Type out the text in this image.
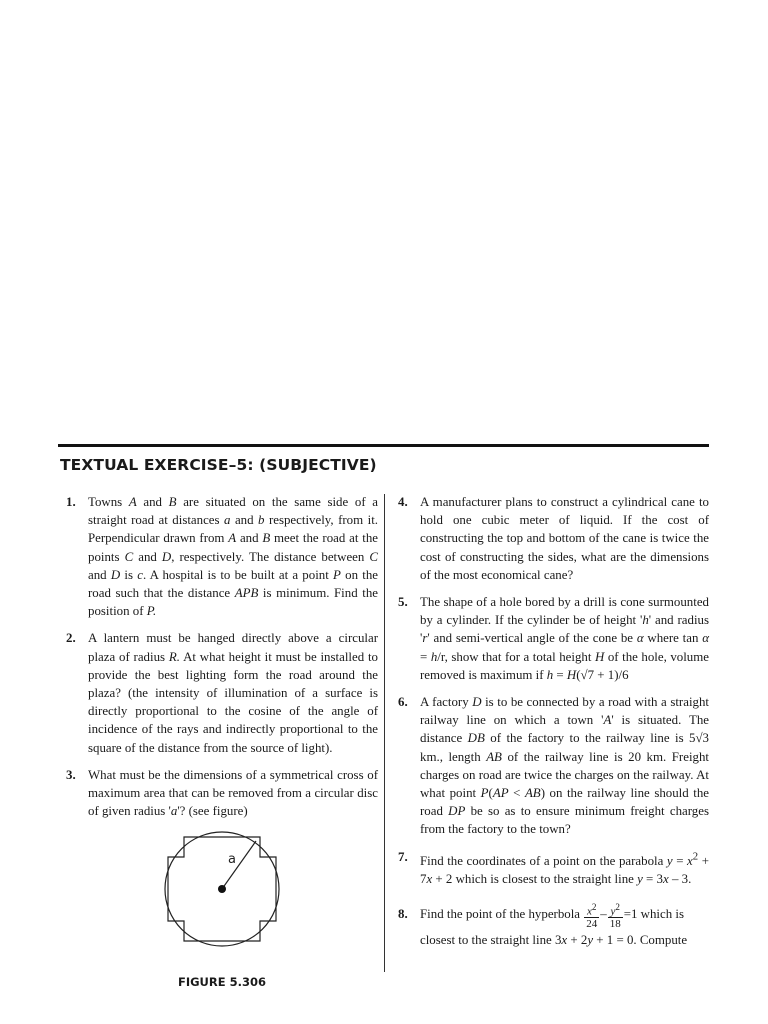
TEXTUAL EXERCISE–5: (SUBJECTIVE)
1. Towns A and B are situated on the same side of a straight road at distances a and b respectively, from it. Perpendicular drawn from A and B meet the road at the points C and D, respectively. The distance between C and D is c. A hospital is to be built at a point P on the road such that the distance APB is minimum. Find the position of P.
2. A lantern must be hanged directly above a circular plaza of radius R. At what height it must be installed to provide the best lighting form the road around the plaza? (the intensity of illumination of a surface is directly proportional to the cosine of the angle of incidence of the rays and indirectly proportional to the square of the distance from the source of light).
3. What must be the dimensions of a symmetrical cross of maximum area that can be removed from a circular disc of given radius 'a'? (see figure)
a
FIGURE 5.306
4. A manufacturer plans to construct a cylindrical cane to hold one cubic meter of liquid. If the cost of constructing the top and bottom of the cane is twice the cost of constructing the sides, what are the dimensions of the most economical cane?
5. The shape of a hole bored by a drill is cone surmounted by a cylinder. If the cylinder be of height 'h' and radius 'r' and semi-vertical angle of the cone be α where tan α = h/r, show that for a total height H of the hole, volume removed is maximum if h = H(√7 + 1)/6
6. A factory D is to be connected by a road with a straight railway line on which a town 'A' is situated. The distance DB of the factory to the railway line is 5√3 km., length AB of the railway line is 20 km. Freight charges on road are twice the charges on the railway. At what point P(AP < AB) on the railway line should the road DP be so as to ensure minimum freight charges from the factory to the town?
7. Find the coordinates of a point on the parabola $y = x^2 + 7x + 2$ which is closest to the straight line y = 3x – 3.
8. Find the point of the hyperbola $\frac{x^2}{24} - \frac{y^2}{18} =1$ which is
closest to the straight line 3x + 2y + 1 = 0. Compute
